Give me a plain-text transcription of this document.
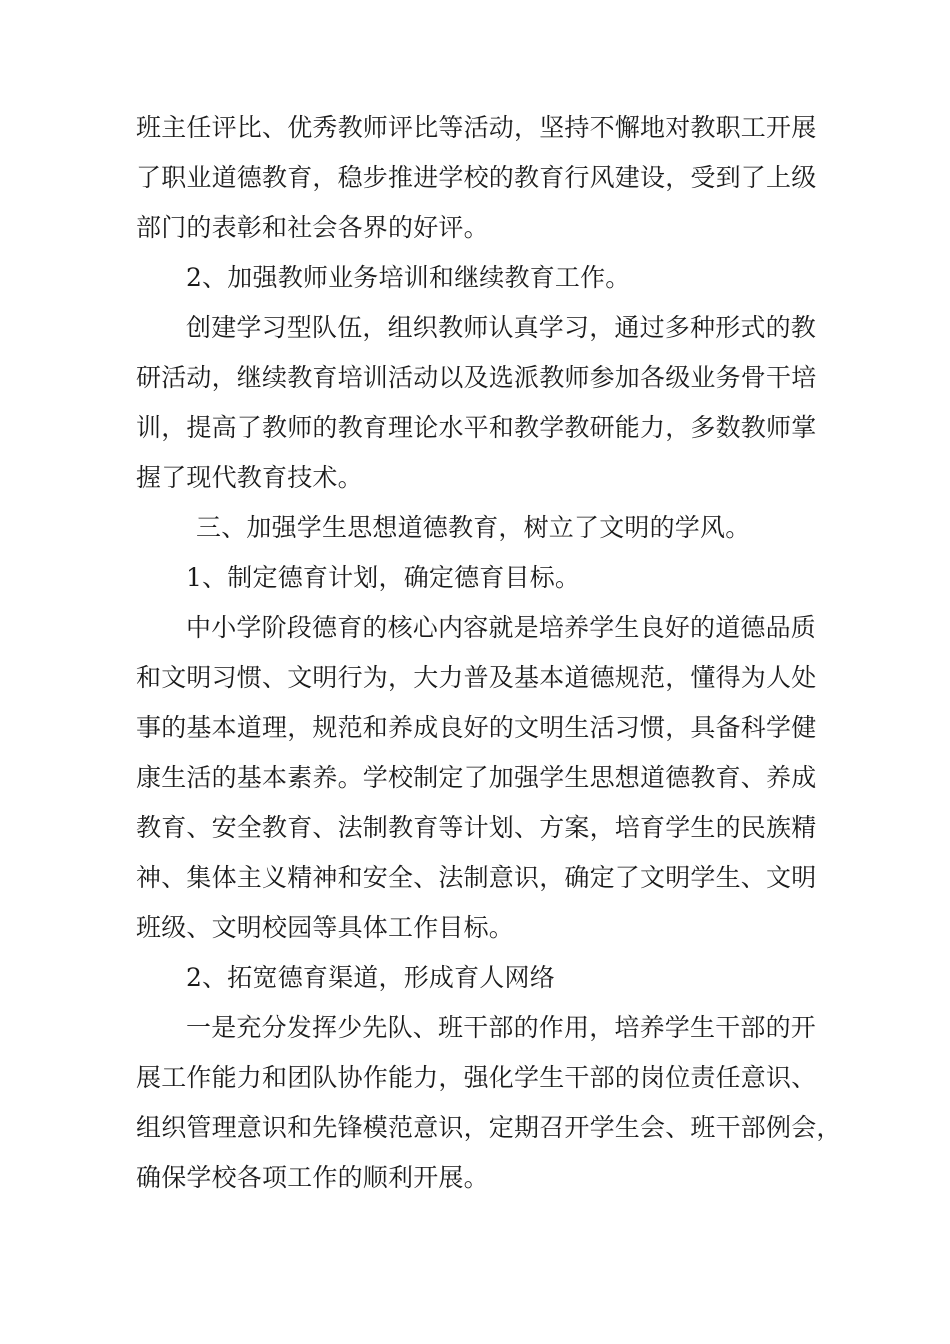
班主任评比、优秀教师评比等活动，坚持不懈地对教职工开展
了职业道德教育，稳步推进学校的教育行风建设，受到了上级
部门的表彰和社会各界的好评。
2、加强教师业务培训和继续教育工作。
创建学习型队伍，组织教师认真学习，通过多种形式的教
研活动，继续教育培训活动以及选派教师参加各级业务骨干培
训，提高了教师的教育理论水平和教学教研能力，多数教师掌
握了现代教育技术。
三、加强学生思想道德教育，树立了文明的学风。
1、制定德育计划，确定德育目标。
中小学阶段德育的核心内容就是培养学生良好的道德品质
和文明习惯、文明行为，大力普及基本道德规范，懂得为人处
事的基本道理，规范和养成良好的文明生活习惯，具备科学健
康生活的基本素养。学校制定了加强学生思想道德教育、养成
教育、安全教育、法制教育等计划、方案，培育学生的民族精
神、集体主义精神和安全、法制意识，确定了文明学生、文明
班级、文明校园等具体工作目标。
2、拓宽德育渠道，形成育人网络
一是充分发挥少先队、班干部的作用，培养学生干部的开
展工作能力和团队协作能力，强化学生干部的岗位责任意识、
组织管理意识和先锋模范意识，定期召开学生会、班干部例会，
确保学校各项工作的顺利开展。
